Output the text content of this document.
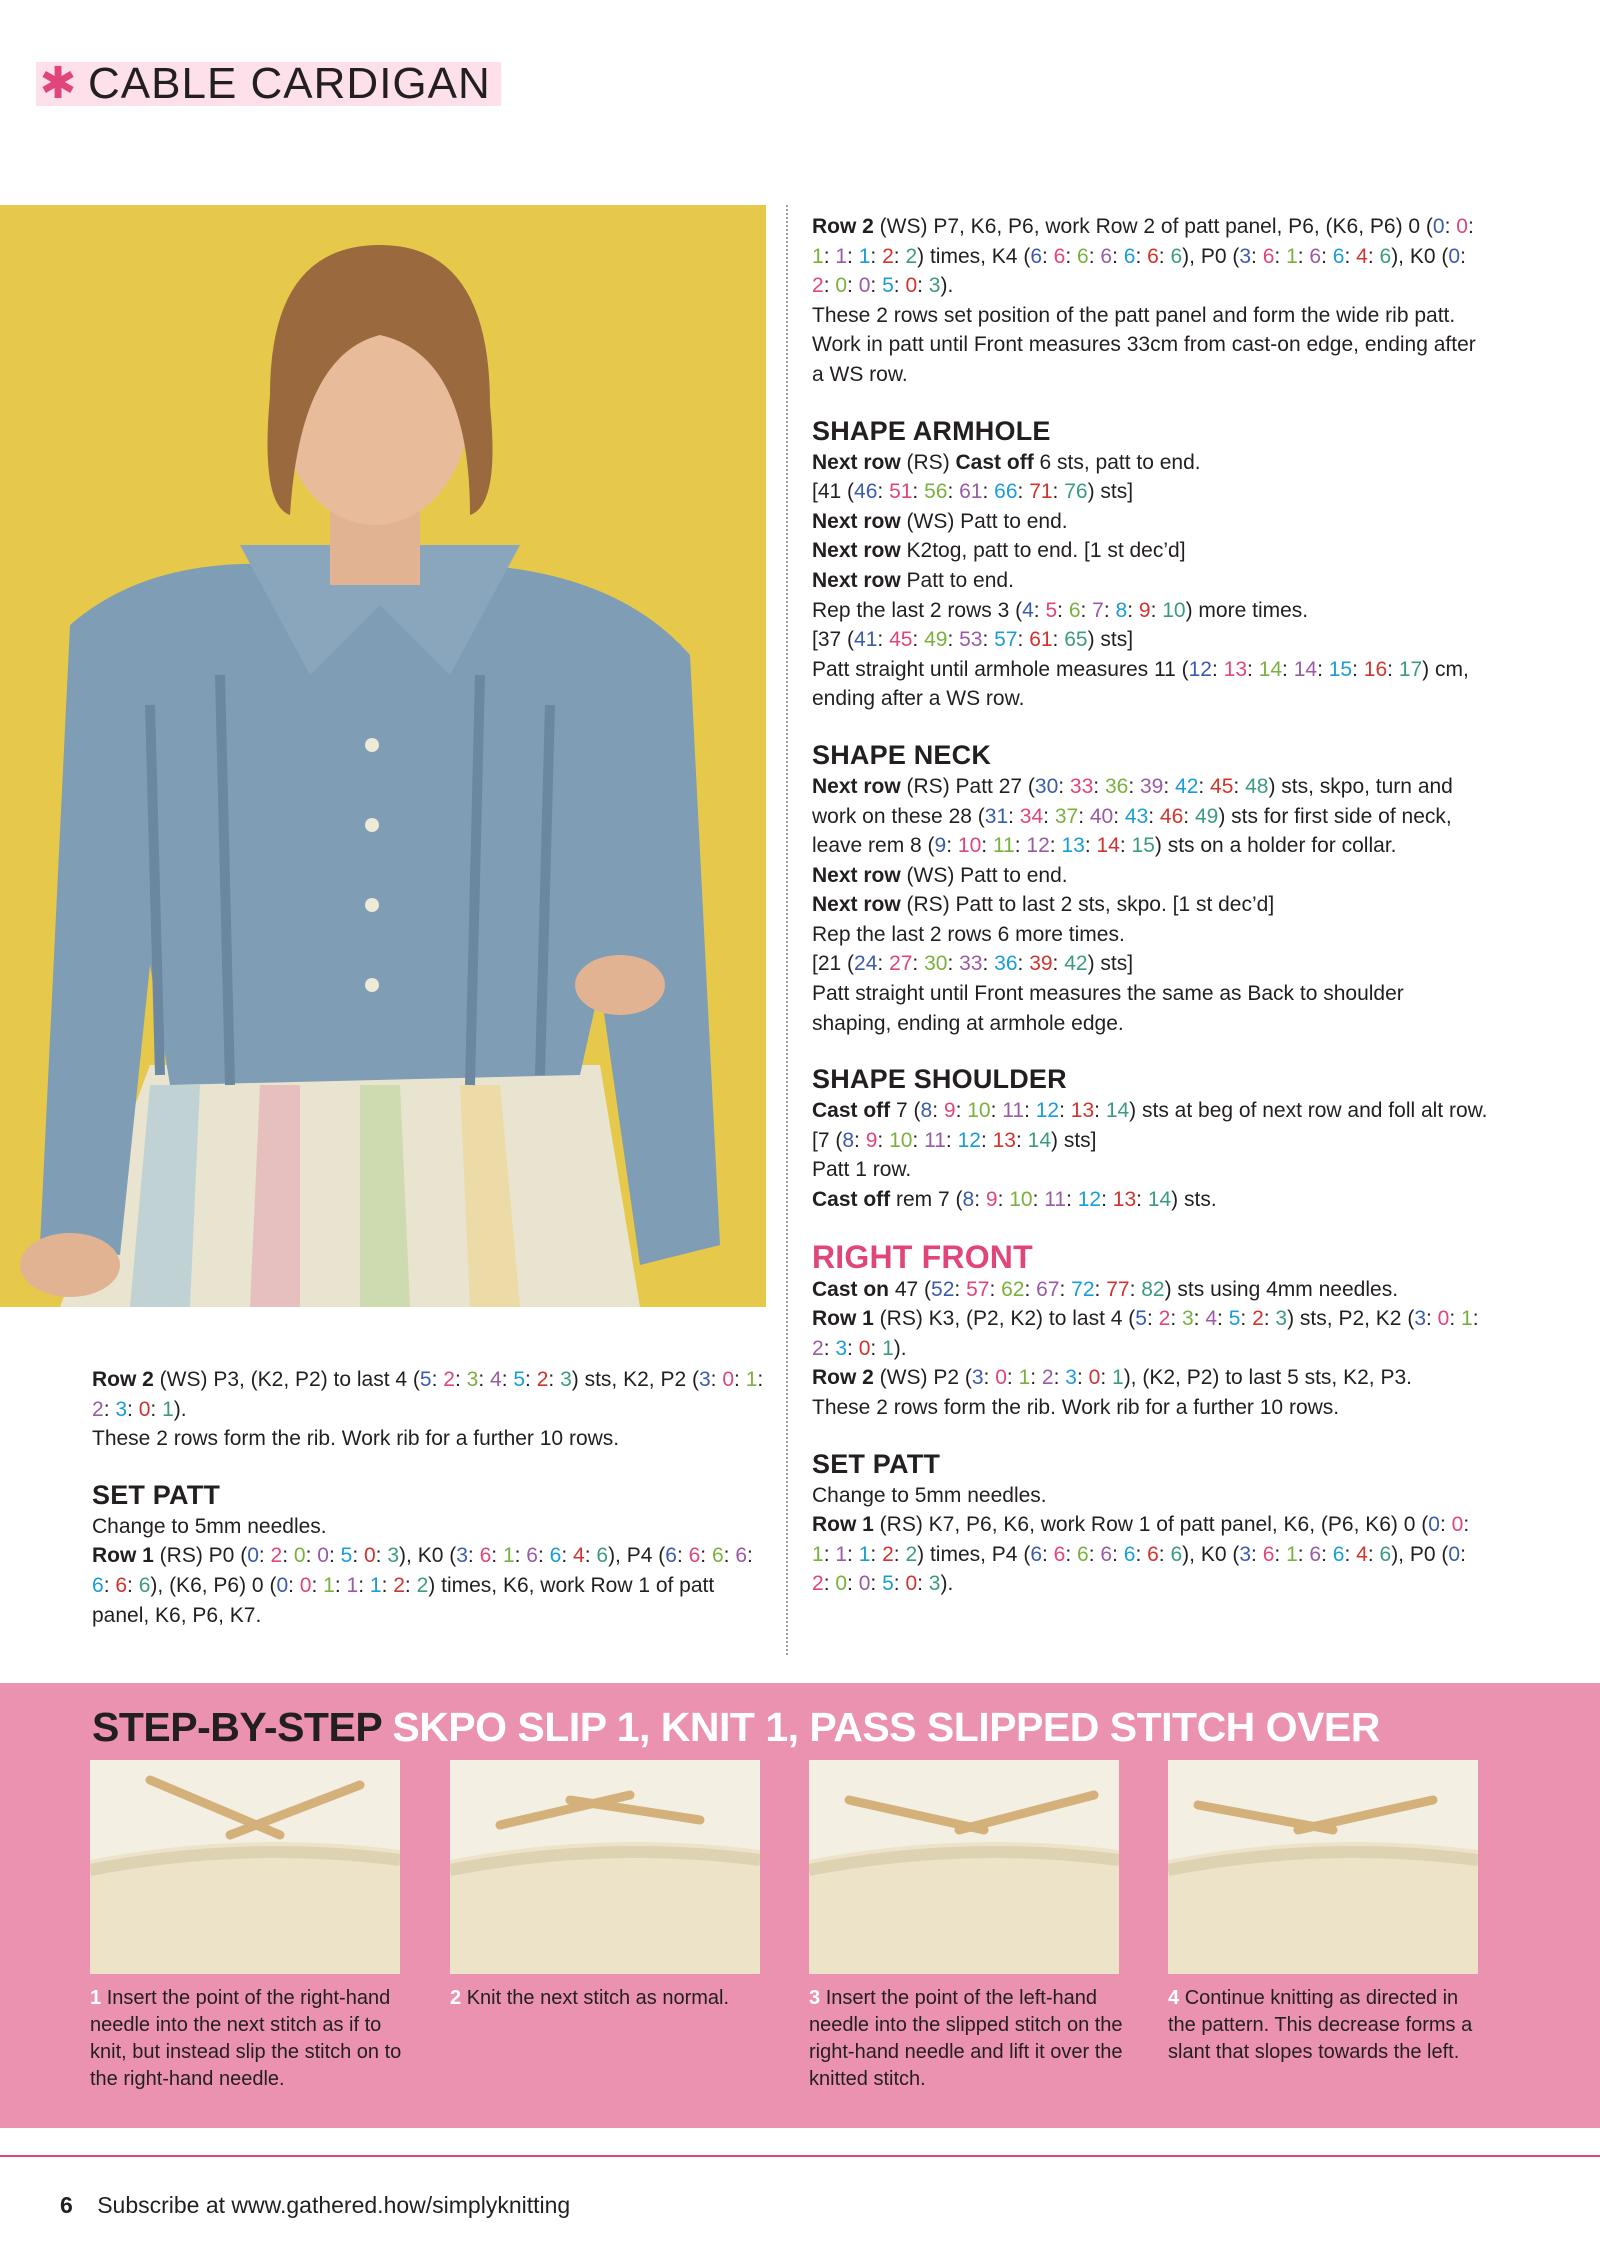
✱ CABLE CARDIGAN

Row 2 (WS) P3, (K2, P2) to last 4 (5: 2: 3: 4: 5: 2: 3) sts, K2, P2 (3: 0: 1: 2: 3: 0: 1).

These 2 rows form the rib. Work rib for a further 10 rows.

SET PATT

Change to 5mm needles.

Row 1 (RS) P0 (0: 2: 0: 0: 5: 0: 3), K0 (3: 6: 1: 6: 6: 4: 6), P4 (6: 6: 6: 6: 6: 6: 6), (K6, P6) 0 (0: 0: 1: 1: 1: 2: 2) times, K6, work Row 1 of patt panel, K6, P6, K7.

Row 2 (WS) P7, K6, P6, work Row 2 of patt panel, P6, (K6, P6) 0 (0: 0: 1: 1: 1: 2: 2) times, K4 (6: 6: 6: 6: 6: 6: 6), P0 (3: 6: 1: 6: 6: 4: 6), K0 (0: 2: 0: 0: 5: 0: 3).

These 2 rows set position of the patt panel and form the wide rib patt.

Work in patt until Front measures 33cm from cast-on edge, ending after a WS row.

SHAPE ARMHOLE

Next row (RS) Cast off 6 sts, patt to end.

[41 (46: 51: 56: 61: 66: 71: 76) sts]

Next row (WS) Patt to end.

Next row K2tog, patt to end. [1 st dec’d]

Next row Patt to end.

Rep the last 2 rows 3 (4: 5: 6: 7: 8: 9: 10) more times.

[37 (41: 45: 49: 53: 57: 61: 65) sts]

Patt straight until armhole measures 11 (12: 13: 14: 14: 15: 16: 17) cm, ending after a WS row.

SHAPE NECK

Next row (RS) Patt 27 (30: 33: 36: 39: 42: 45: 48) sts, skpo, turn and work on these 28 (31: 34: 37: 40: 43: 46: 49) sts for first side of neck, leave rem 8 (9: 10: 11: 12: 13: 14: 15) sts on a holder for collar.

Next row (WS) Patt to end.

Next row (RS) Patt to last 2 sts, skpo. [1 st dec’d]

Rep the last 2 rows 6 more times.

[21 (24: 27: 30: 33: 36: 39: 42) sts]

Patt straight until Front measures the same as Back to shoulder shaping, ending at armhole edge.

SHAPE SHOULDER

Cast off 7 (8: 9: 10: 11: 12: 13: 14) sts at beg of next row and foll alt row. [7 (8: 9: 10: 11: 12: 13: 14) sts]

Patt 1 row.

Cast off rem 7 (8: 9: 10: 11: 12: 13: 14) sts.

RIGHT FRONT

Cast on 47 (52: 57: 62: 67: 72: 77: 82) sts using 4mm needles.

Row 1 (RS) K3, (P2, K2) to last 4 (5: 2: 3: 4: 5: 2: 3) sts, P2, K2 (3: 0: 1: 2: 3: 0: 1).

Row 2 (WS) P2 (3: 0: 1: 2: 3: 0: 1), (K2, P2) to last 5 sts, K2, P3.

These 2 rows form the rib. Work rib for a further 10 rows.

SET PATT

Change to 5mm needles.

Row 1 (RS) K7, P6, K6, work Row 1 of patt panel, K6, (P6, K6) 0 (0: 0: 1: 1: 1: 2: 2) times, P4 (6: 6: 6: 6: 6: 6: 6), K0 (3: 6: 1: 6: 6: 4: 6), P0 (0: 2: 0: 0: 5: 0: 3).

STEP-BY-STEP SKPO SLIP 1, KNIT 1, PASS SLIPPED STITCH OVER
1 Insert the point of the right-hand needle into the next stitch as if to knit, but instead slip the stitch on to the right-hand needle.
2 Knit the next stitch as normal.	3 Insert the point of the left-hand needle into the slipped stitch on the right-hand needle and lift it over the knitted stitch.
4 Continue knitting as directed in the pattern. This decrease forms a slant that slopes towards the left.
6 Subscribe at www.gathered.how/simplyknitting
